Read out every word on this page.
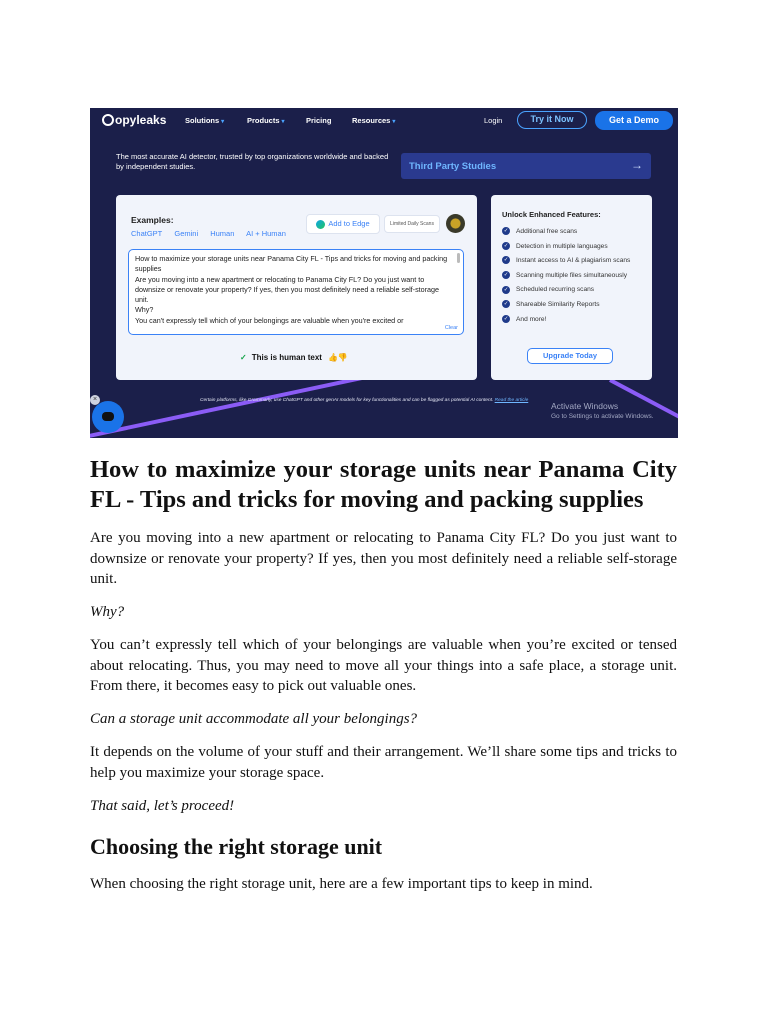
opyleaks Solutions ▾	Products ▾	Pricing	Resources ▾	Login	Try it Now	Get a Demo
The most accurate AI detector, trusted by top organizations worldwide and backed by independent studies.	Third Party Studies	→
Examples:
ChatGPT Gemini Human AI + Human
Add to Edge	Limited Daily Scans
How to maximize your storage units near Panama City FL - Tips and tricks for moving and packing supplies
Are you moving into a new apartment or relocating to Panama City FL? Do you just want to downsize or renovate your property? If yes, then you most definitely need a reliable self-storage unit.
Why?
You can't expressly tell which of your belongings are valuable when you're excited or
Clear
✓ This is human text 👍👎
Unlock Enhanced Features:
✓ Additional free scans
✓ Detection in multiple languages
✓ Instant access to AI & plagiarism scans
✓ Scanning multiple files simultaneously
✓ Scheduled recurring scans
✓ Shareable Similarity Reports
✓ And more!
Upgrade Today
Certain platforms, like Grammarly, use ChatGPT and other genAI models for key functionalities and can be flagged as potential AI content. Read the article
Activate Windows
Go to Settings to activate Windows.
×
How to maximize your storage units near Panama City FL - Tips and tricks for moving and packing supplies

Are you moving into a new apartment or relocating to Panama City FL? Do you just want to downsize or renovate your property? If yes, then you most definitely need a reliable self-storage unit.

Why?

You can’t expressly tell which of your belongings are valuable when you’re excited or tensed about relocating. Thus, you may need to move all your things into a safe place, a storage unit. From there, it becomes easy to pick out valuable ones.

Can a storage unit accommodate all your belongings?

It depends on the volume of your stuff and their arrangement. We’ll share some tips and tricks to help you maximize your storage space.

That said, let’s proceed!

Choosing the right storage unit

When choosing the right storage unit, here are a few important tips to keep in mind.
